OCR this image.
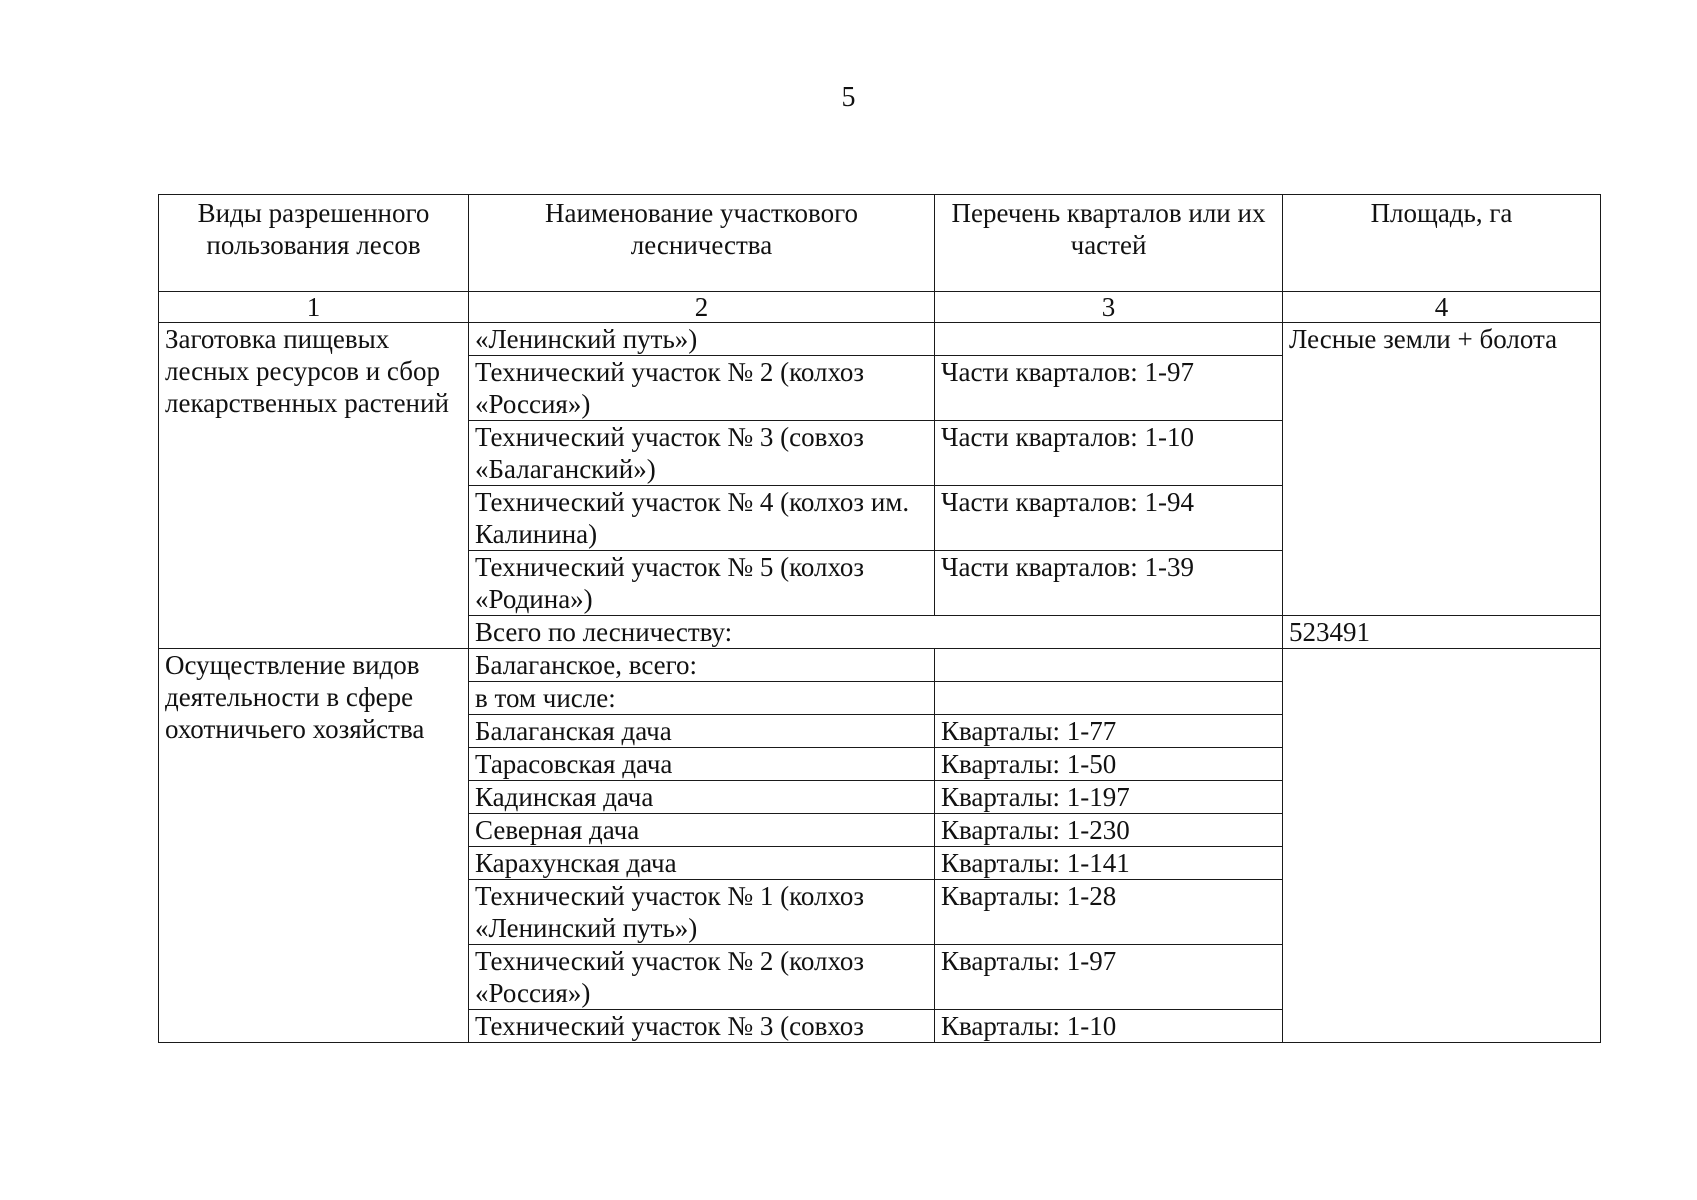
5
Виды разрешенного пользования лесов	Наименование участкового лесничества	Перечень кварталов или их частей	Площадь, га
1	2	3	4
Заготовка пищевых лесных ресурсов и сбор лекарственных растений	«Ленинский путь»)		Лесные земли + болота
	Технический участок № 2 (колхоз «Россия»)	Части кварталов: 1-97	
	Технический участок № 3 (совхоз «Балаганский»)	Части кварталов: 1-10	
	Технический участок № 4 (колхоз им. Калинина)	Части кварталов: 1-94	
	Технический участок № 5 (колхоз «Родина»)	Части кварталов: 1-39	
	Всего по лесничеству:		523491
Осуществление видов деятельности в сфере охотничьего хозяйства	Балаганское, всего:		
	в том числе:		
	Балаганская дача	Кварталы: 1-77	
	Тарасовская дача	Кварталы: 1-50	
	Кадинская дача	Кварталы: 1-197	
	Северная дача	Кварталы: 1-230	
	Карахунская дача	Кварталы: 1-141	
	Технический участок № 1 (колхоз «Ленинский путь»)	Кварталы: 1-28	
	Технический участок № 2 (колхоз «Россия»)	Кварталы: 1-97	
	Технический участок № 3 (совхоз	Кварталы: 1-10	
